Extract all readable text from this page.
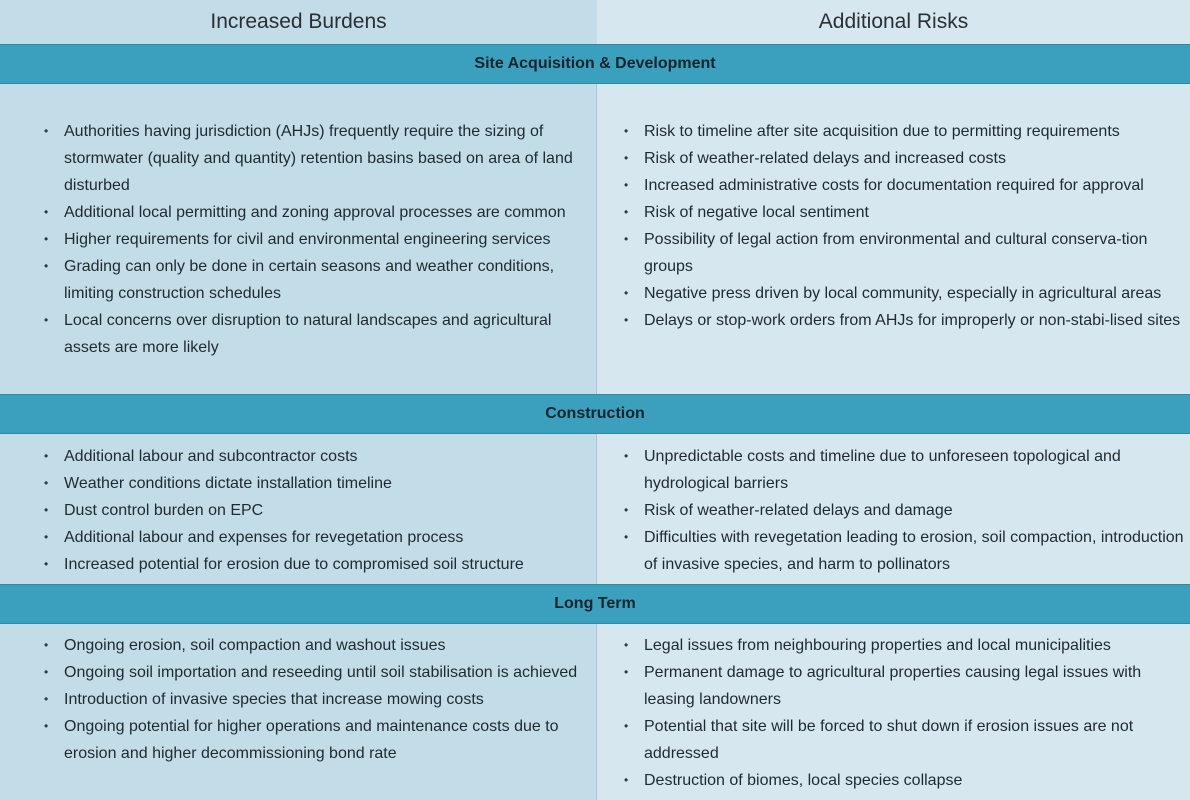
Increased Burdens	Additional Risks
Site Acquisition & Development
• Authorities having jurisdiction (AHJs) frequently require the sizing of stormwater (quality and quantity) retention basins based on area of land disturbed
• Additional local permitting and zoning approval processes are common
• Higher requirements for civil and environmental engineering services
• Grading can only be done in certain seasons and weather conditions, limiting construction schedules
• Local concerns over disruption to natural landscapes and agricultural assets are more likely
• Risk to timeline after site acquisition due to permitting requirements
• Risk of weather-related delays and increased costs
• Increased administrative costs for documentation required for approval
• Risk of negative local sentiment
• Possibility of legal action from environmental and cultural conserva-tion groups
• Negative press driven by local community, especially in agricultural areas
• Delays or stop-work orders from AHJs for improperly or non-stabi-lised sites
Construction
• Additional labour and subcontractor costs
• Weather conditions dictate installation timeline
• Dust control burden on EPC
• Additional labour and expenses for revegetation process
• Increased potential for erosion due to compromised soil structure
• Unpredictable costs and timeline due to unforeseen topological and hydrological barriers
• Risk of weather-related delays and damage
• Difficulties with revegetation leading to erosion, soil compaction, introduction of invasive species, and harm to pollinators
Long Term
• Ongoing erosion, soil compaction and washout issues
• Ongoing soil importation and reseeding until soil stabilisation is achieved
• Introduction of invasive species that increase mowing costs
• Ongoing potential for higher operations and maintenance costs due to erosion and higher decommissioning bond rate
• Legal issues from neighbouring properties and local municipalities
• Permanent damage to agricultural properties causing legal issues with leasing landowners
• Potential that site will be forced to shut down if erosion issues are not addressed
• Destruction of biomes, local species collapse
